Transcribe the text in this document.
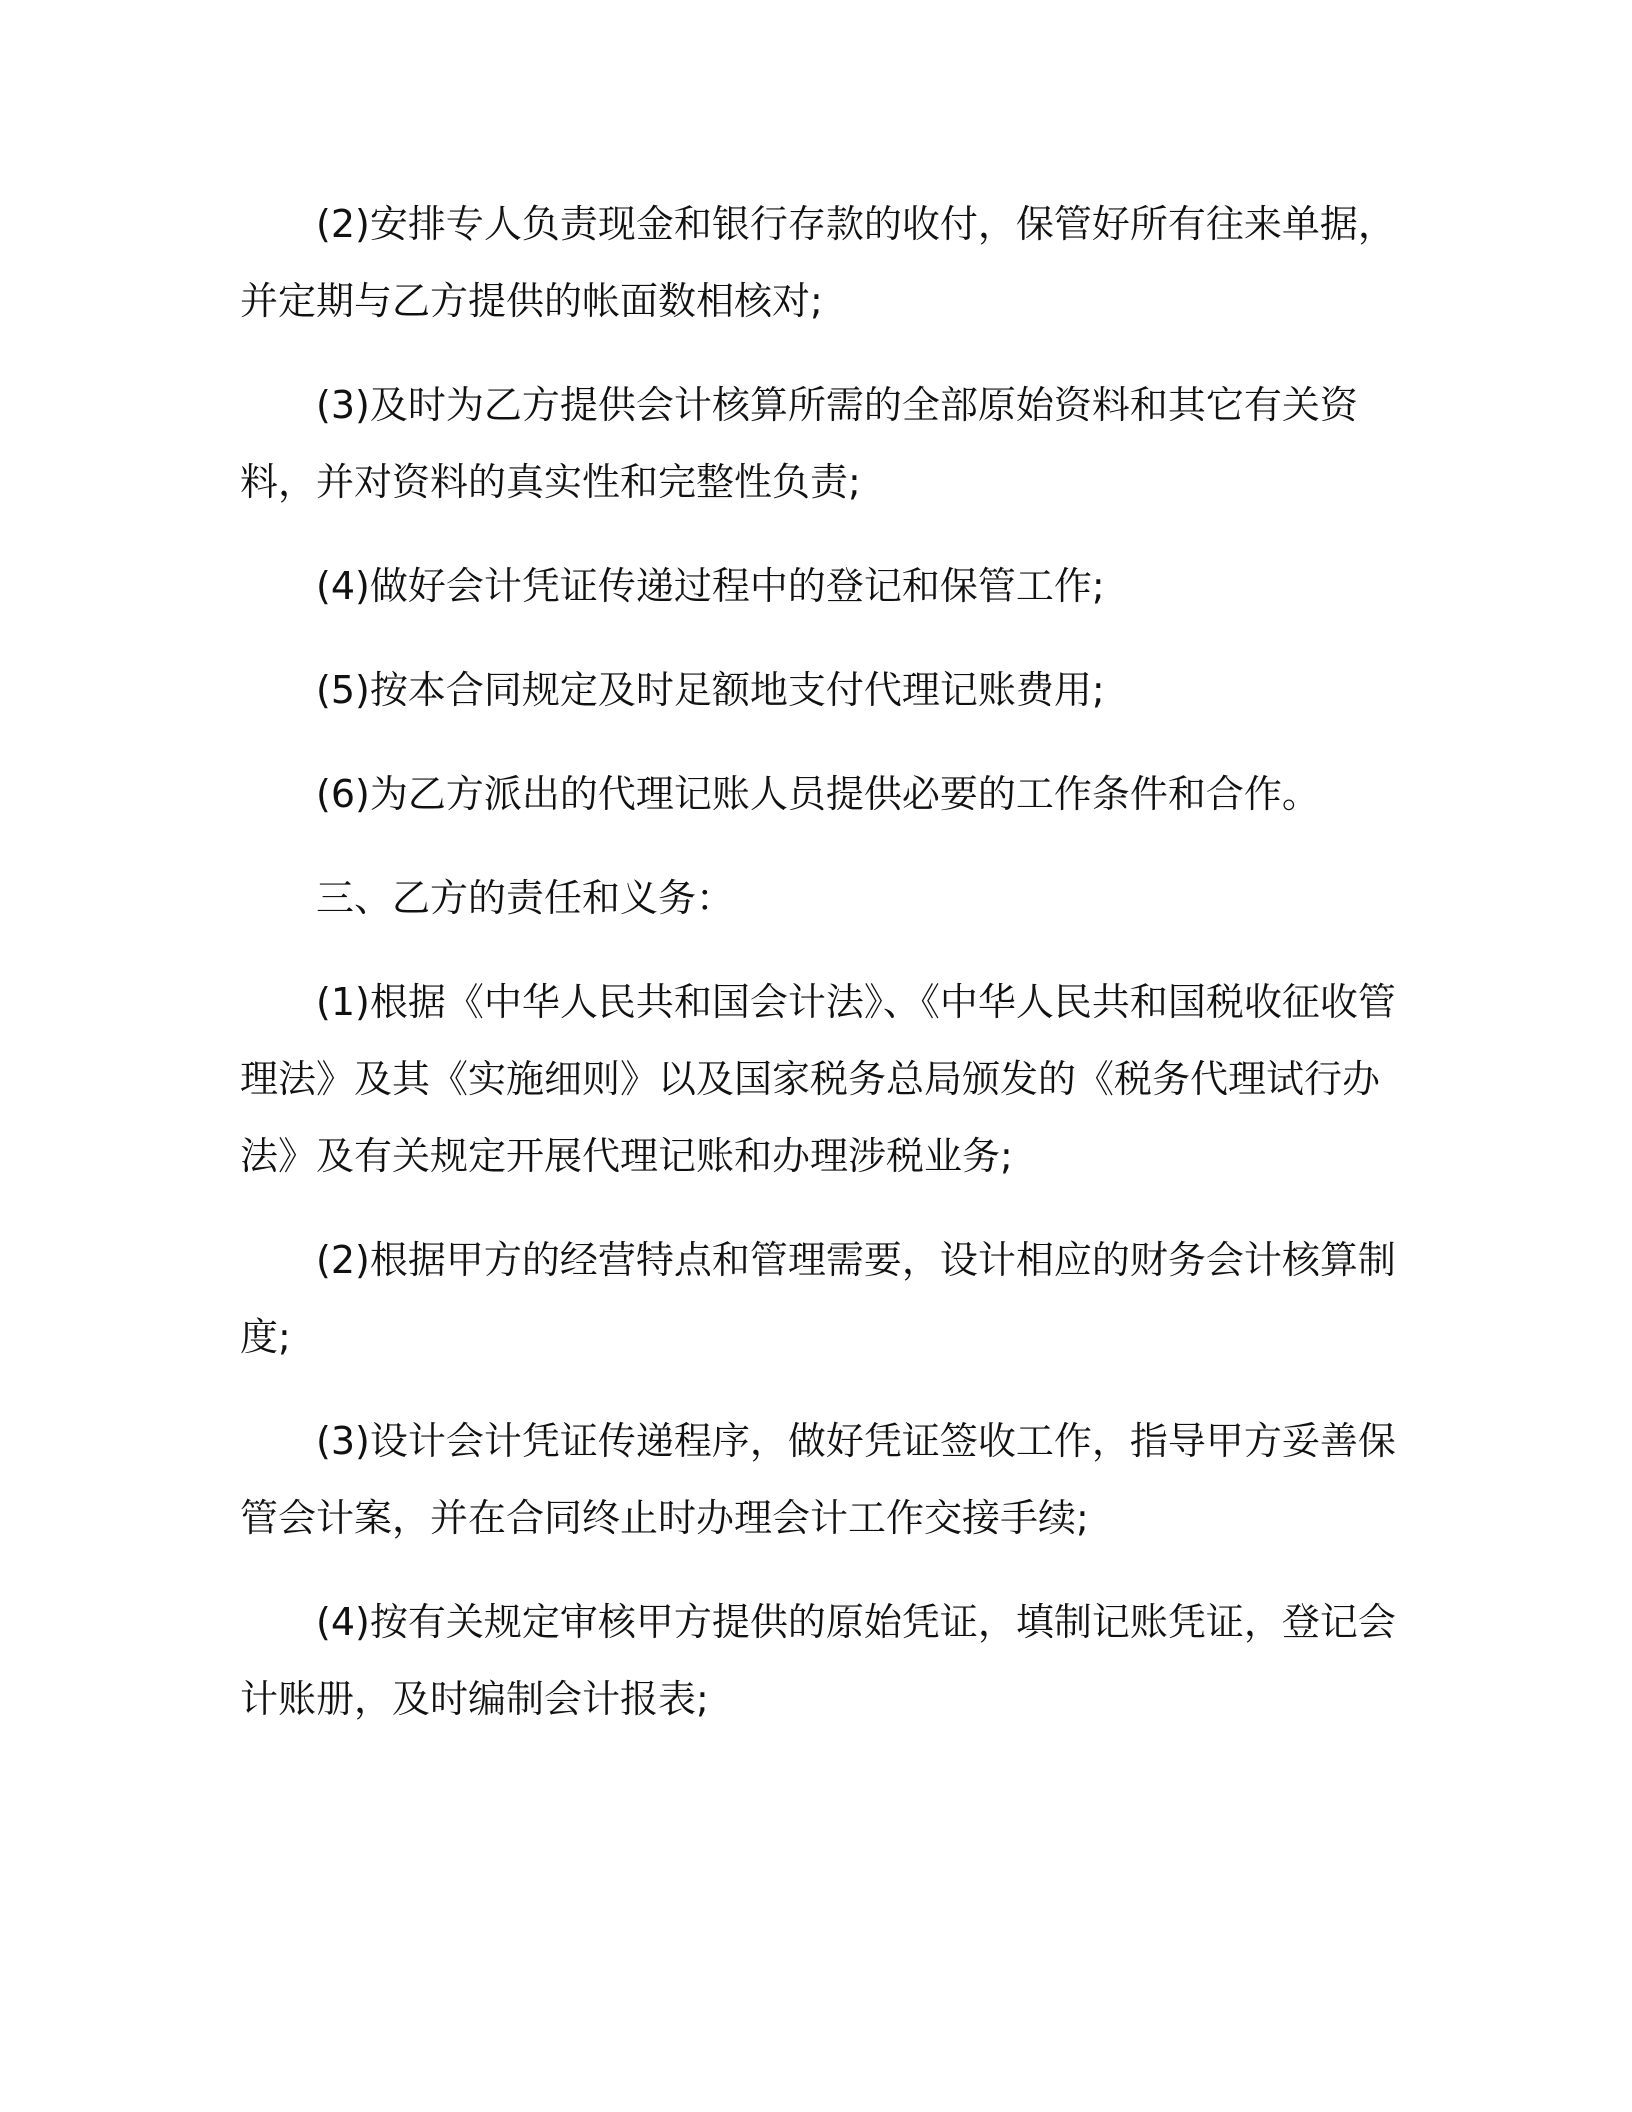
(2)安排专人负责现金和银行存款的收付，保管好所有往来单据，并定期与乙方提供的帐面数相核对;

(3)及时为乙方提供会计核算所需的全部原始资料和其它有关资料，并对资料的真实性和完整性负责;

(4)做好会计凭证传递过程中的登记和保管工作;

(5)按本合同规定及时足额地支付代理记账费用;

(6)为乙方派出的代理记账人员提供必要的工作条件和合作。

三、乙方的责任和义务：

(1)根据《中华人民共和国会计法》、《中华人民共和国税收征收管理法》及其《实施细则》以及国家税务总局颁发的《税务代理试行办法》及有关规定开展代理记账和办理涉税业务;

(2)根据甲方的经营特点和管理需要，设计相应的财务会计核算制度;

(3)设计会计凭证传递程序，做好凭证签收工作，指导甲方妥善保管会计案，并在合同终止时办理会计工作交接手续;

(4)按有关规定审核甲方提供的原始凭证，填制记账凭证，登记会计账册，及时编制会计报表;
